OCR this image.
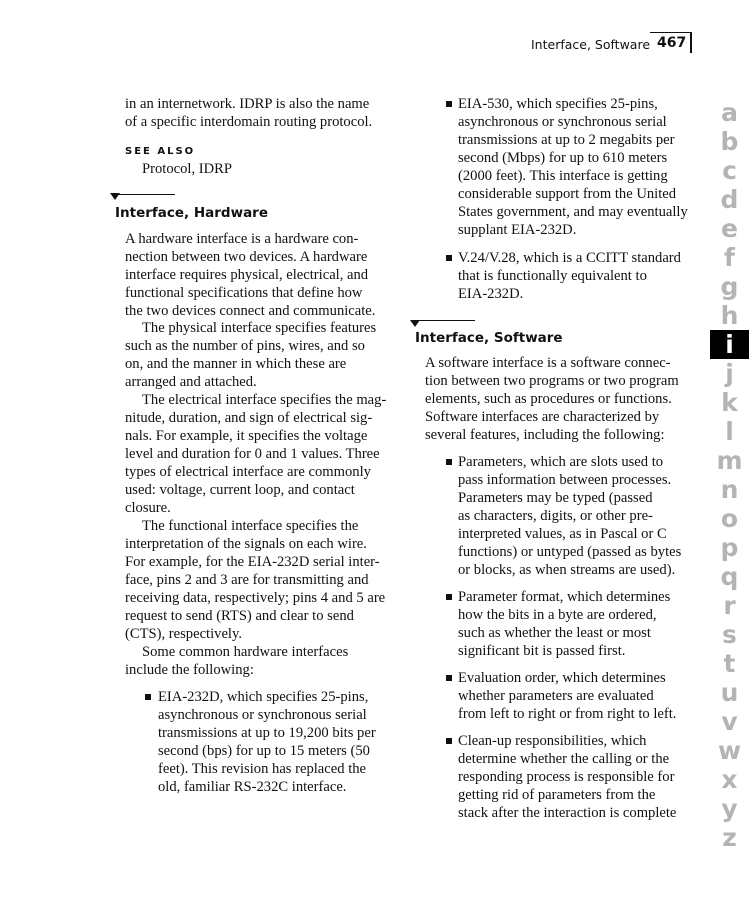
Interface, Software 467
SEE ALSO
Interface, Hardware
Interface, Software
in an internetwork. IDRP is also the name
of a specific interdomain routing protocol.
Protocol, IDRP
A hardware interface is a hardware con-
nection between two devices. A hardware
interface requires physical, electrical, and
functional specifications that define how
the two devices connect and communicate.
The physical interface specifies features
such as the number of pins, wires, and so
on, and the manner in which these are
arranged and attached.
The electrical interface specifies the mag-
nitude, duration, and sign of electrical sig-
nals. For example, it specifies the voltage
level and duration for 0 and 1 values. Three
types of electrical interface are commonly
used: voltage, current loop, and contact
closure.
The functional interface specifies the
interpretation of the signals on each wire.
For example, for the EIA-232D serial inter-
face, pins 2 and 3 are for transmitting and
receiving data, respectively; pins 4 and 5 are
request to send (RTS) and clear to send
(CTS), respectively.
Some common hardware interfaces
include the following:
EIA-232D, which specifies 25-pins,
asynchronous or synchronous serial
transmissions at up to 19,200 bits per
second (bps) for up to 15 meters (50
feet). This revision has replaced the
old, familiar RS-232C interface.
EIA-530, which specifies 25-pins,
asynchronous or synchronous serial
transmissions at up to 2 megabits per
second (Mbps) for up to 610 meters
(2000 feet). This interface is getting
considerable support from the United
States government, and may eventually
supplant EIA-232D.
V.24/V.28, which is a CCITT standard
that is functionally equivalent to
EIA-232D.
A software interface is a software connec-
tion between two programs or two program
elements, such as procedures or functions.
Software interfaces are characterized by
several features, including the following:
Parameters, which are slots used to
pass information between processes.
Parameters may be typed (passed
as characters, digits, or other pre-
interpreted values, as in Pascal or C
functions) or untyped (passed as bytes
or blocks, as when streams are used).
Parameter format, which determines
how the bits in a byte are ordered,
such as whether the least or most
significant bit is passed first.
Evaluation order, which determines
whether parameters are evaluated
from left to right or from right to left.
Clean-up responsibilities, which
determine whether the calling or the
responding process is responsible for
getting rid of parameters from the
stack after the interaction is complete
a
b
c
d
e
f
g
h
i
j
k
l
m
n
o
p
q
r
s
t
u
v
w
x
y
z
